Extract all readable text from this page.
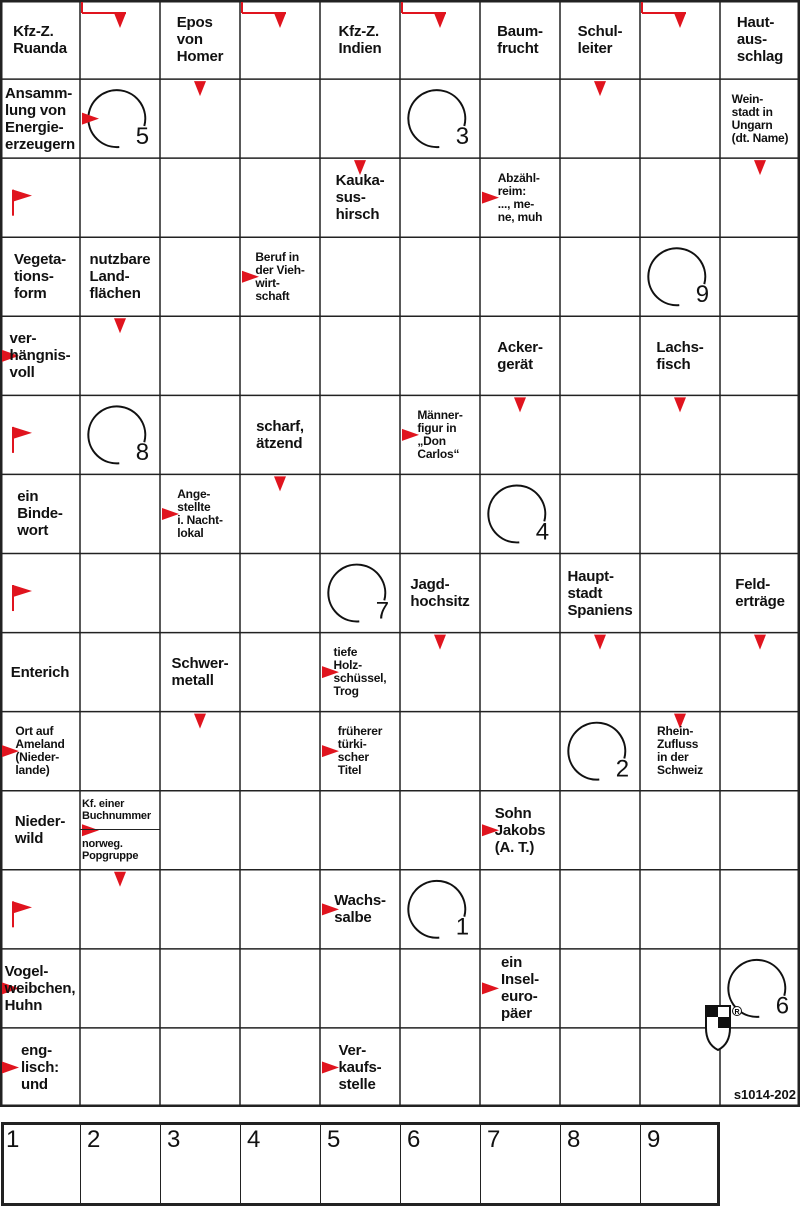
5	3
9
8
4
7
2
1
6
Kfz-Z.
Ruanda
Epos
von
Homer
Kfz-Z.
Indien
Baum-
frucht
Schul-
leiter
Haut-
aus-
schlag
Ansamm-
lung von
Energie-
erzeugern
Wein-
stadt in
Ungarn
(dt. Name)
Kauka-
sus-
hirsch
Abzähl-
reim:
..., me-
ne, muh
Vegeta-
tions-
form
nutzbare
Land-
flächen
Beruf in
der Vieh-
wirt-
schaft
ver-
hängnis-
voll
Acker-
gerät
Lachs-
fisch
scharf,
ätzend
Männer-
figur in
„Don
Carlos“
ein
Binde-
wort
Ange-
stellte
i. Nacht-
lokal
Jagd-
hochsitz
Haupt-
stadt
Spaniens
Feld-
erträge
Enterich	Schwer-
metall
tiefe
Holz-
schüssel,
Trog
Ort auf
Ameland
(Nieder-
lande)
früherer
türki-
scher
Titel
Rhein-
Zufluss
in der
Schweiz
Nieder-
wild
Sohn
Jakobs
(A. T.)
Wachs-
salbe
Vogel-
weibchen,
Huhn
ein
Insel-
euro-
päer
eng-
lisch:
und
Ver-
kaufs-
stelle
Kf. einer
Buchnummer
norweg.
Popgruppe
s1014-202
R
1	2	3	4	5	6	7	8	9
